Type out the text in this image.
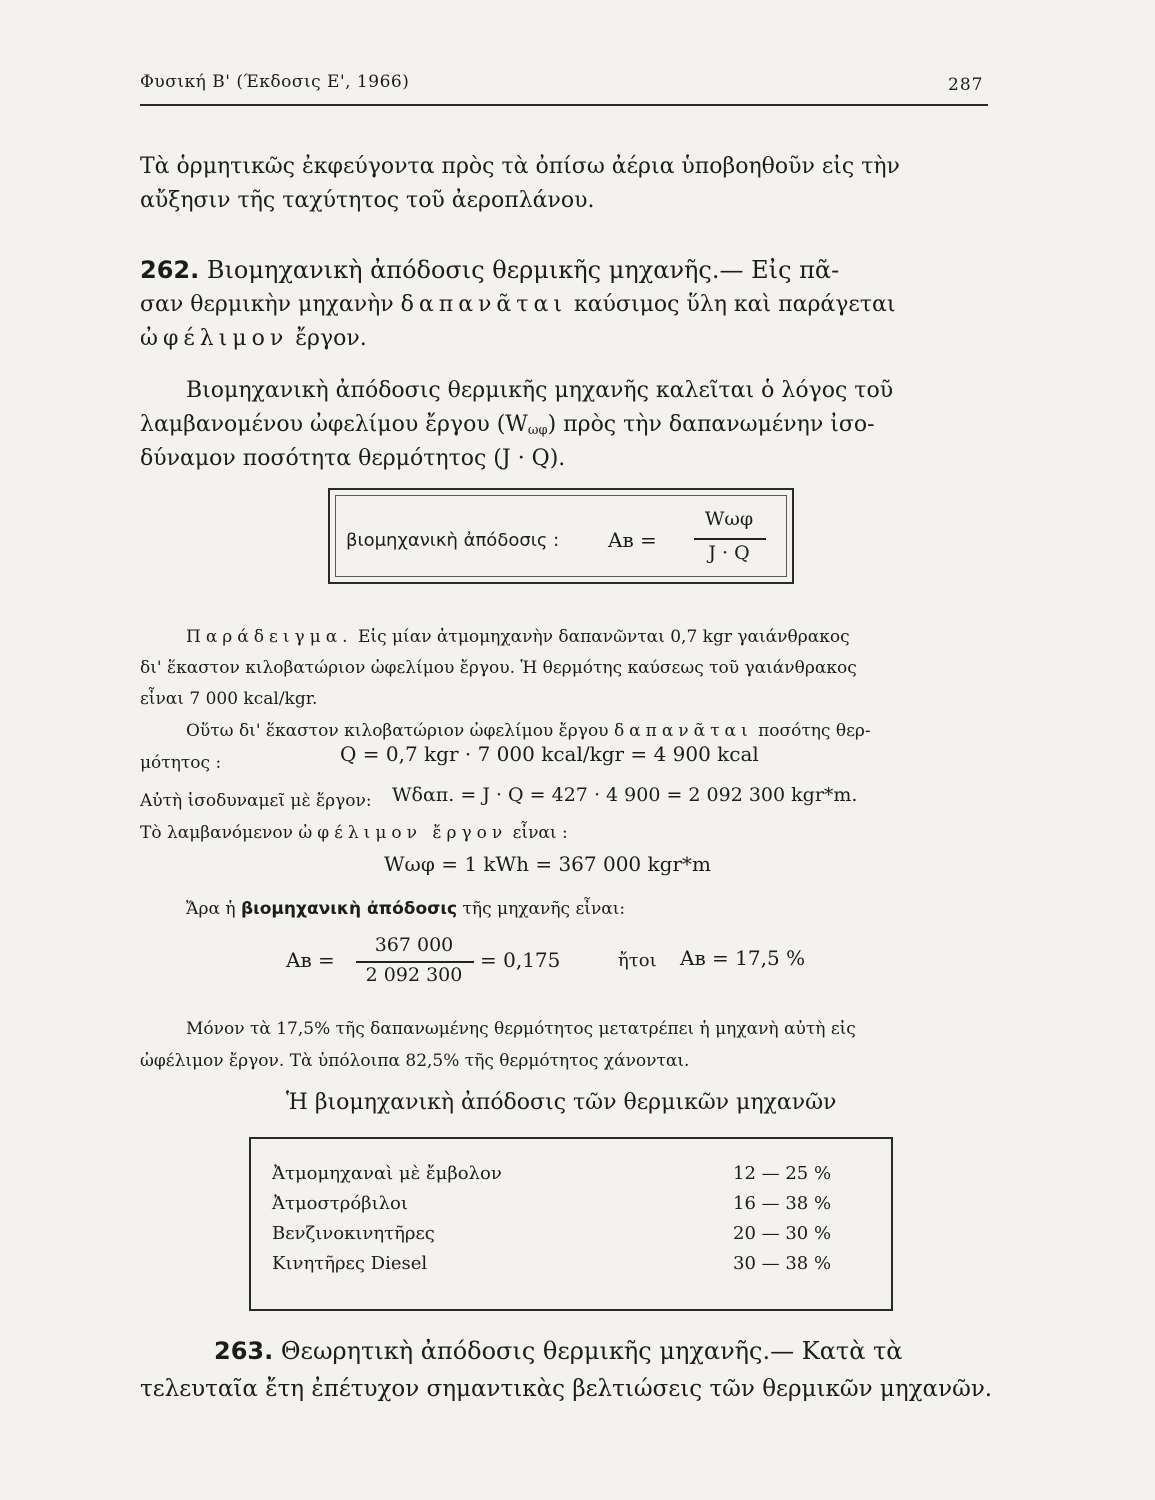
Φυσική Β' (Έκδοσις Ε', 1966)	287
Τὰ ὁρμητικῶς ἐκφεύγοντα πρὸς τὰ ὀπίσω ἀέρια ὑποβοηθοῦν εἰς τὴν
αὔξησιν τῆς ταχύτητος τοῦ ἀεροπλάνου.
262. Βιομηχανικὴ ἀπόδοσις θερμικῆς μηχανῆς.— Εἰς πᾶ-
σαν θερμικὴν μηχανὴν δαπανᾶται καύσιμος ὕλη καὶ παράγεται
ὠφέλιμον ἔργον.
Βιομηχανικὴ ἀπόδοσις θερμικῆς μηχανῆς καλεῖται ὁ λόγος τοῦ
λαμβανομένου ὠφελίμου ἔργου $(W_{\omega\varphi})$ πρὸς τὴν δαπανωμένην ἰσο-
δύναμον ποσότητα θερμότητος (J · Q).
βιομηχανικὴ ἀπόδοσις : Aʙ =
Wωφ
J · Q
Παράδειγμα. Εἰς μίαν ἀτμομηχανὴν δαπανῶνται 0,7 kgr γαιάνθρακος
δι' ἕκαστον κιλοβατώριον ὠφελίμου ἔργου. Ἡ θερμότης καύσεως τοῦ γαιάνθρακος
εἶναι 7 000 kcal/kgr.
Οὕτω δι' ἕκαστον κιλοβατώριον ὠφελίμου ἔργου δαπανᾶται ποσότης θερ-
μότητος :	Q = 0,7 kgr · 7 000 kcal/kgr = 4 900 kcal
Αὐτὴ ἰσοδυναμεῖ μὲ ἔργον: Wδαπ. = J · Q = 427 · 4 900 = 2 092 300 kgr*m.
Τὸ λαμβανόμενον ὠφέλιμον ἔργον εἶναι :
Wωφ = 1 kWh = 367 000 kgr*m
Ἄρα ἡ βιομηχανικὴ ἀπόδοσις τῆς μηχανῆς εἶναι:
Aʙ =
367 000
2 092 300
= 0,175	ἤτοι Aʙ = 17,5 %
Μόνον τὰ 17,5% τῆς δαπανωμένης θερμότητος μετατρέπει ἡ μηχανὴ αὐτὴ εἰς
ὠφέλιμον ἔργον. Τὰ ὑπόλοιπα 82,5% τῆς θερμότητος χάνονται.
Ἡ βιομηχανικὴ ἀπόδοσις τῶν θερμικῶν μηχανῶν
Ἀτμομηχαναὶ μὲ ἔμβολον	12 — 25 %
Ἀτμοστρόβιλοι	16 — 38 %
Βενζινοκινητῆρες	20 — 30 %
Κινητῆρες Diesel	30 — 38 %
263. Θεωρητικὴ ἀπόδοσις θερμικῆς μηχανῆς.— Κατὰ τὰ
τελευταῖα ἔτη ἐπέτυχον σημαντικὰς βελτιώσεις τῶν θερμικῶν μηχανῶν.
